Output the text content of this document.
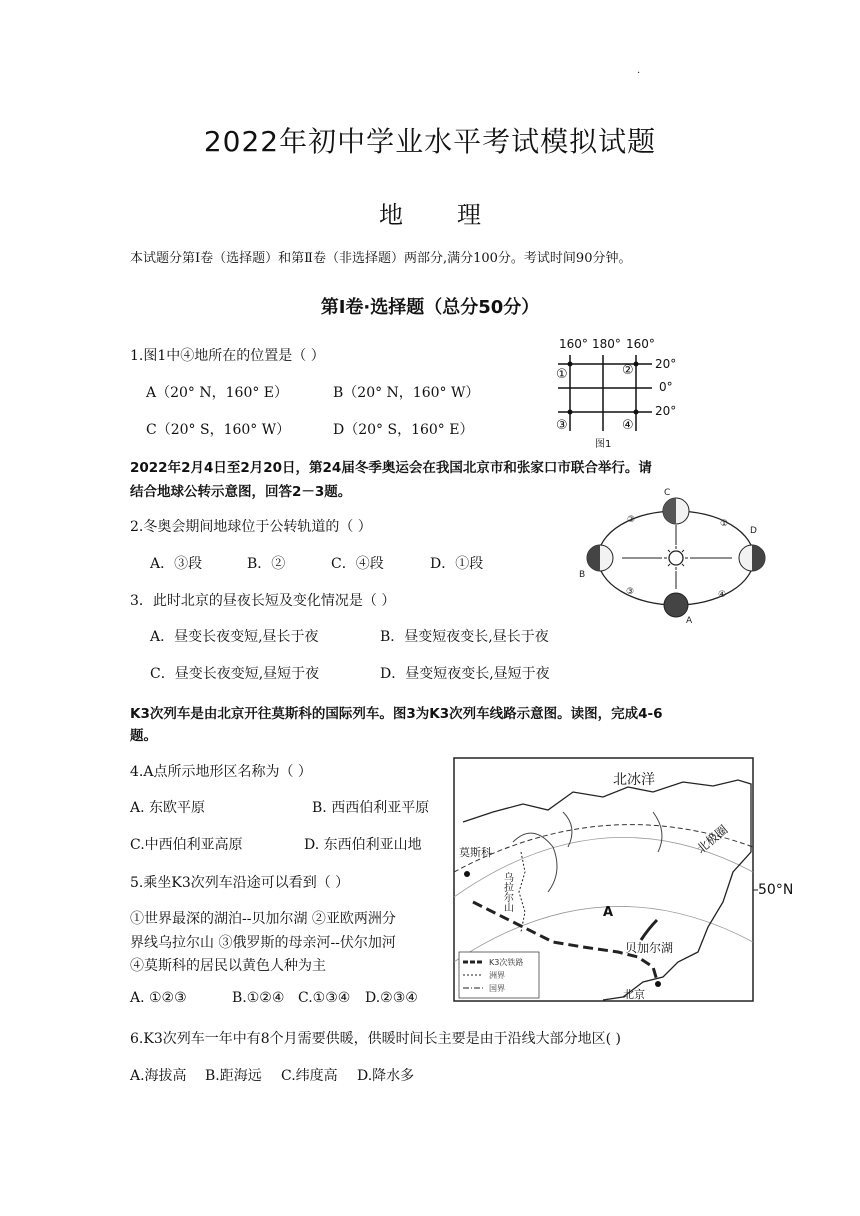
·
2022年初中学业水平考试模拟试题
地 理
本试题分第Ⅰ卷（选择题）和第Ⅱ卷（非选择题）两部分,满分100分。考试时间90分钟。
第Ⅰ卷·选择题（总分50分）
1.图1中④地所在的位置是（ ）
A（20° N，160° E）	B（20° N，160° W）
C（20° S，160° W）	D（20° S，160° E）
160° 180° 160°
20°
0°
20°
①	②
③	④
图1
2022年2月4日至2月20日，第24届冬季奥运会在我国北京市和张家口市联合举行。请
结合地球公转示意图，回答2－3题。
2.冬奥会期间地球位于公转轨道的（ ）
A．③段	B．②	C．④段	D．①段
C
D
B
A
②	①
③	④
3．此时北京的昼夜长短及变化情况是（ ）
A．昼变长夜变短,昼长于夜	B．昼变短夜变长,昼长于夜
C．昼变长夜变短,昼短于夜	D．昼变短夜变长,昼短于夜
K3次列车是由北京开往莫斯科的国际列车。图3为K3次列车线路示意图。读图，完成4-6
题。
4.A点所示地形区名称为（ ）
A. 东欧平原	B. 西西伯利亚平原
C.中西伯利亚高原	D. 东西伯利亚山地
5.乘坐K3次列车沿途可以看到（ ）
①世界最深的湖泊--贝加尔湖 ②亚欧两洲分
界线乌拉尔山 ③俄罗斯的母亲河--伏尔加河
④莫斯科的居民以黄色人种为主
A. ①②③	B.①②④ C.①③④ D.②③④
50°N
北冰洋
北极圈
A
贝加尔湖
莫斯科
乌拉尔山
北京
K3次铁路
洲界
国界
6.K3次列车一年中有8个月需要供暖，供暖时间长主要是由于沿线大部分地区( )
A.海拔高 B.距海远 C.纬度高 D.降水多
